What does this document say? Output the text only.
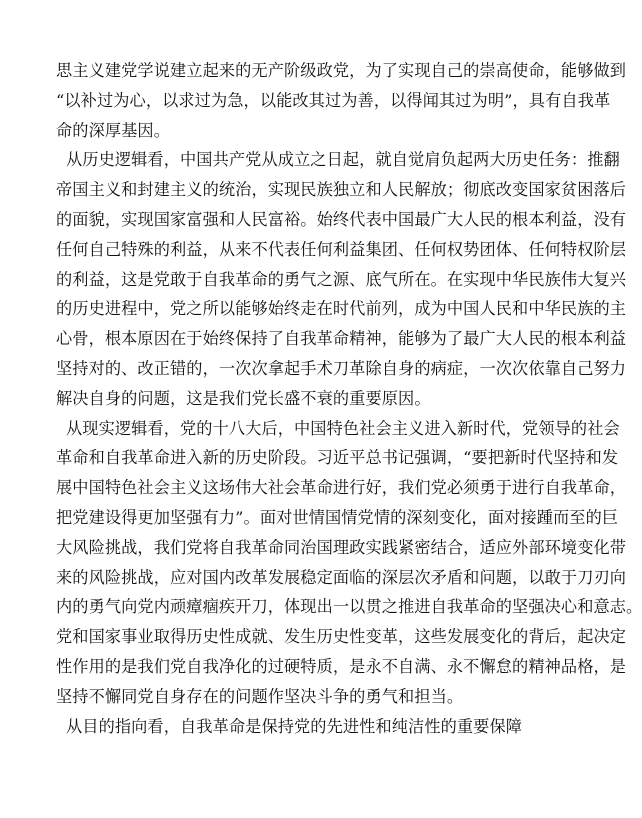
思主义建党学说建立起来的无产阶级政党，为了实现自己的崇高使命，能够做到
“以补过为心，以求过为急，以能改其过为善，以得闻其过为明”，具有自我革
命的深厚基因。
从历史逻辑看，中国共产党从成立之日起，就自觉肩负起两大历史任务：推翻
帝国主义和封建主义的统治，实现民族独立和人民解放；彻底改变国家贫困落后
的面貌，实现国家富强和人民富裕。始终代表中国最广大人民的根本利益，没有
任何自己特殊的利益，从来不代表任何利益集团、任何权势团体、任何特权阶层
的利益，这是党敢于自我革命的勇气之源、底气所在。在实现中华民族伟大复兴
的历史进程中，党之所以能够始终走在时代前列，成为中国人民和中华民族的主
心骨，根本原因在于始终保持了自我革命精神，能够为了最广大人民的根本利益
坚持对的、改正错的，一次次拿起手术刀革除自身的病症，一次次依靠自己努力
解决自身的问题，这是我们党长盛不衰的重要原因。
从现实逻辑看，党的十八大后，中国特色社会主义进入新时代，党领导的社会
革命和自我革命进入新的历史阶段。习近平总书记强调，“要把新时代坚持和发
展中国特色社会主义这场伟大社会革命进行好，我们党必须勇于进行自我革命，
把党建设得更加坚强有力”。面对世情国情党情的深刻变化，面对接踵而至的巨
大风险挑战，我们党将自我革命同治国理政实践紧密结合，适应外部环境变化带
来的风险挑战，应对国内改革发展稳定面临的深层次矛盾和问题，以敢于刀刃向
内的勇气向党内顽瘴痼疾开刀，体现出一以贯之推进自我革命的坚强决心和意志。
党和国家事业取得历史性成就、发生历史性变革，这些发展变化的背后，起决定
性作用的是我们党自我净化的过硬特质，是永不自满、永不懈怠的精神品格，是
坚持不懈同党自身存在的问题作坚决斗争的勇气和担当。
从目的指向看，自我革命是保持党的先进性和纯洁性的重要保障
